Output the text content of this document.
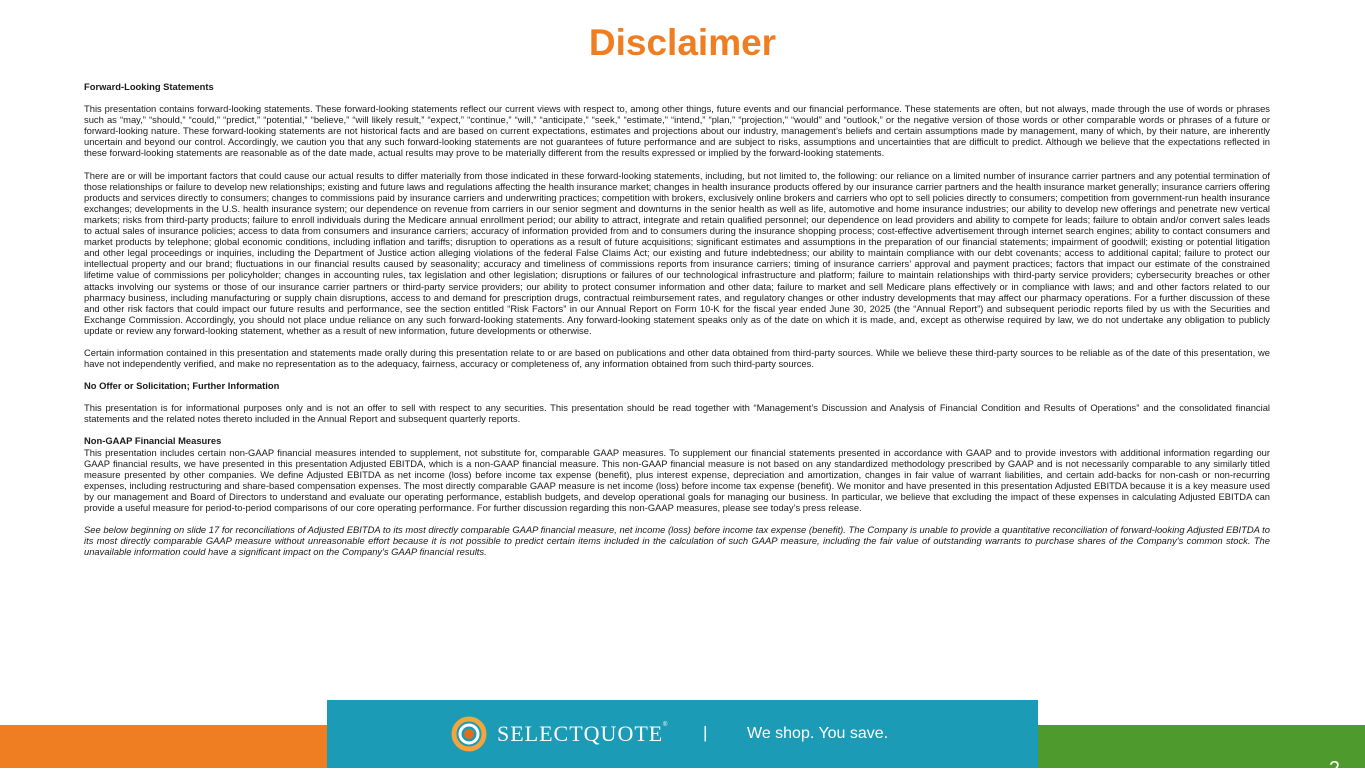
Disclaimer

Forward-Looking Statements

This presentation contains forward-looking statements. These forward-looking statements reflect our current views with respect to, among other things, future events and our financial performance. These statements are often, but not always, made through the use of words or phrases such as “may,” “should,” “could,” “predict,” “potential,” “believe,” “will likely result,” “expect,” “continue,” “will,” “anticipate,” “seek,” “estimate,” “intend,” “plan,” “projection,” “would” and “outlook,” or the negative version of those words or other comparable words or phrases of a future or forward-looking nature. These forward-looking statements are not historical facts and are based on current expectations, estimates and projections about our industry, management’s beliefs and certain assumptions made by management, many of which, by their nature, are inherently uncertain and beyond our control. Accordingly, we caution you that any such forward-looking statements are not guarantees of future performance and are subject to risks, assumptions and uncertainties that are difficult to predict. Although we believe that the expectations reflected in these forward-looking statements are reasonable as of the date made, actual results may prove to be materially different from the results expressed or implied by the forward-looking statements.

There are or will be important factors that could cause our actual results to differ materially from those indicated in these forward-looking statements, including, but not limited to, the following: our reliance on a limited number of insurance carrier partners and any potential termination of those relationships or failure to develop new relationships; existing and future laws and regulations affecting the health insurance market; changes in health insurance products offered by our insurance carrier partners and the health insurance market generally; insurance carriers offering products and services directly to consumers; changes to commissions paid by insurance carriers and underwriting practices; competition with brokers, exclusively online brokers and carriers who opt to sell policies directly to consumers; competition from government-run health insurance exchanges; developments in the U.S. health insurance system; our dependence on revenue from carriers in our senior segment and downturns in the senior health as well as life, automotive and home insurance industries; our ability to develop new offerings and penetrate new vertical markets; risks from third-party products; failure to enroll individuals during the Medicare annual enrollment period; our ability to attract, integrate and retain qualified personnel; our dependence on lead providers and ability to compete for leads; failure to obtain and/or convert sales leads to actual sales of insurance policies; access to data from consumers and insurance carriers; accuracy of information provided from and to consumers during the insurance shopping process; cost-effective advertisement through internet search engines; ability to contact consumers and market products by telephone; global economic conditions, including inflation and tariffs; disruption to operations as a result of future acquisitions; significant estimates and assumptions in the preparation of our financial statements; impairment of goodwill; existing or potential litigation and other legal proceedings or inquiries, including the Department of Justice action alleging violations of the federal False Claims Act; our existing and future indebtedness; our ability to maintain compliance with our debt covenants; access to additional capital; failure to protect our intellectual property and our brand; fluctuations in our financial results caused by seasonality; accuracy and timeliness of commissions reports from insurance carriers; timing of insurance carriers’ approval and payment practices; factors that impact our estimate of the constrained lifetime value of commissions per policyholder; changes in accounting rules, tax legislation and other legislation; disruptions or failures of our technological infrastructure and platform; failure to maintain relationships with third-party service providers; cybersecurity breaches or other attacks involving our systems or those of our insurance carrier partners or third-party service providers; our ability to protect consumer information and other data; failure to market and sell Medicare plans effectively or in compliance with laws; and and other factors related to our pharmacy business, including manufacturing or supply chain disruptions, access to and demand for prescription drugs, contractual reimbursement rates, and regulatory changes or other industry developments that may affect our pharmacy operations. For a further discussion of these and other risk factors that could impact our future results and performance, see the section entitled “Risk Factors” in our Annual Report on Form 10-K for the fiscal year ended June 30, 2025 (the “Annual Report”) and subsequent periodic reports filed by us with the Securities and Exchange Commission. Accordingly, you should not place undue reliance on any such forward-looking statements. Any forward-looking statement speaks only as of the date on which it is made, and, except as otherwise required by law, we do not undertake any obligation to publicly update or review any forward-looking statement, whether as a result of new information, future developments or otherwise.

Certain information contained in this presentation and statements made orally during this presentation relate to or are based on publications and other data obtained from third-party sources. While we believe these third-party sources to be reliable as of the date of this presentation, we have not independently verified, and make no representation as to the adequacy, fairness, accuracy or completeness of, any information obtained from such third-party sources.

No Offer or Solicitation; Further Information

This presentation is for informational purposes only and is not an offer to sell with respect to any securities. This presentation should be read together with “Management’s Discussion and Analysis of Financial Condition and Results of Operations” and the consolidated financial statements and the related notes thereto included in the Annual Report and subsequent quarterly reports.

Non-GAAP Financial Measures

This presentation includes certain non-GAAP financial measures intended to supplement, not substitute for, comparable GAAP measures. To supplement our financial statements presented in accordance with GAAP and to provide investors with additional information regarding our GAAP financial results, we have presented in this presentation Adjusted EBITDA, which is a non-GAAP financial measure. This non-GAAP financial measure is not based on any standardized methodology prescribed by GAAP and is not necessarily comparable to any similarly titled measure presented by other companies. We define Adjusted EBITDA as net income (loss) before income tax expense (benefit), plus interest expense, depreciation and amortization, changes in fair value of warrant liabilities, and certain add-backs for non-cash or non-recurring expenses, including restructuring and share-based compensation expenses. The most directly comparable GAAP measure is net income (loss) before income tax expense (benefit). We monitor and have presented in this presentation Adjusted EBITDA because it is a key measure used by our management and Board of Directors to understand and evaluate our operating performance, establish budgets, and develop operational goals for managing our business. In particular, we believe that excluding the impact of these expenses in calculating Adjusted EBITDA can provide a useful measure for period-to-period comparisons of our core operating performance. For further discussion regarding this non-GAAP measures, please see today’s press release.

See below beginning on slide 17 for reconciliations of Adjusted EBITDA to its most directly comparable GAAP financial measure, net income (loss) before income tax expense (benefit). The Company is unable to provide a quantitative reconciliation of forward-looking Adjusted EBITDA to its most directly comparable GAAP measure without unreasonable effort because it is not possible to predict certain items included in the calculation of such GAAP measure, including the fair value of outstanding warrants to purchase shares of the Company's common stock. The unavailable information could have a significant impact on the Company's GAAP financial results.

2
SELECTQUOTE ® | We shop. You save.
